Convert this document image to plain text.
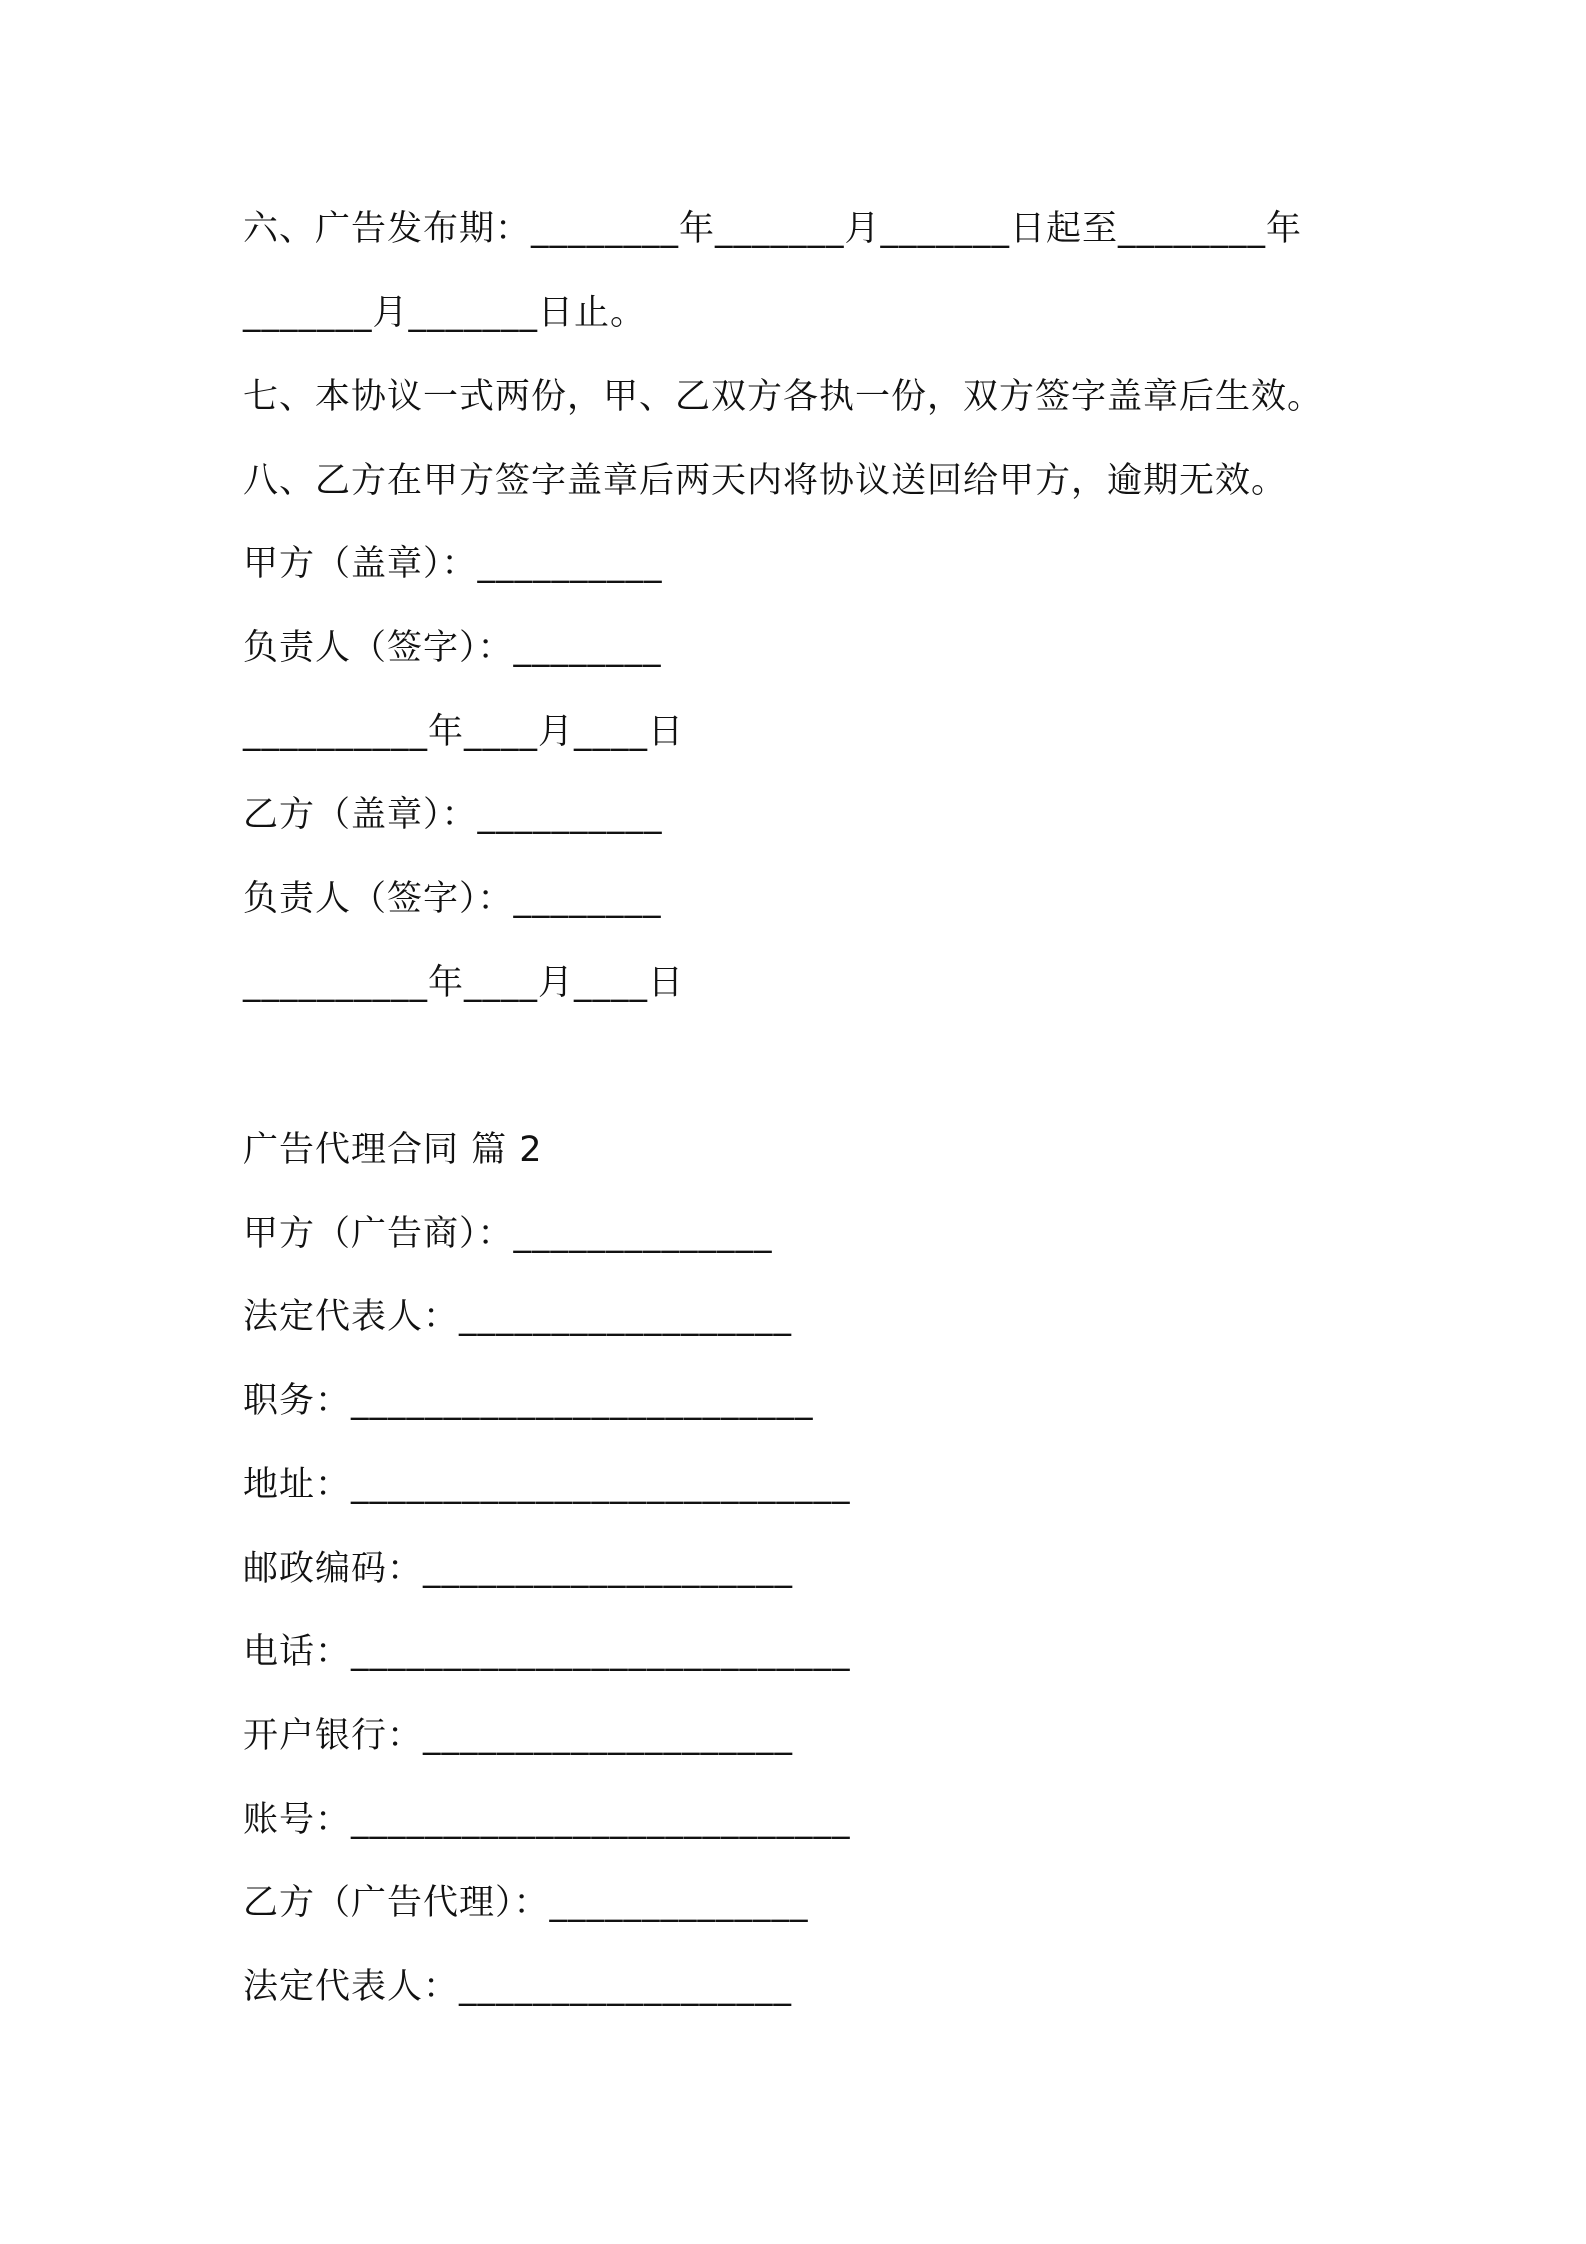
六、广告发布期：________年_______月_______日起至________年
_______月_______日止。
七、本协议一式两份，甲、乙双方各执一份，双方签字盖章后生效。
八、乙方在甲方签字盖章后两天内将协议送回给甲方，逾期无效。
甲方（盖章）：__________
负责人（签字）：________
__________年____月____日
乙方（盖章）：__________
负责人（签字）：________
__________年____月____日
广告代理合同 篇 2
甲方（广告商）：______________
法定代表人：__________________
职务：_________________________
地址：___________________________
邮政编码：____________________
电话：___________________________
开户银行：____________________
账号：___________________________
乙方（广告代理）：______________
法定代表人：__________________
